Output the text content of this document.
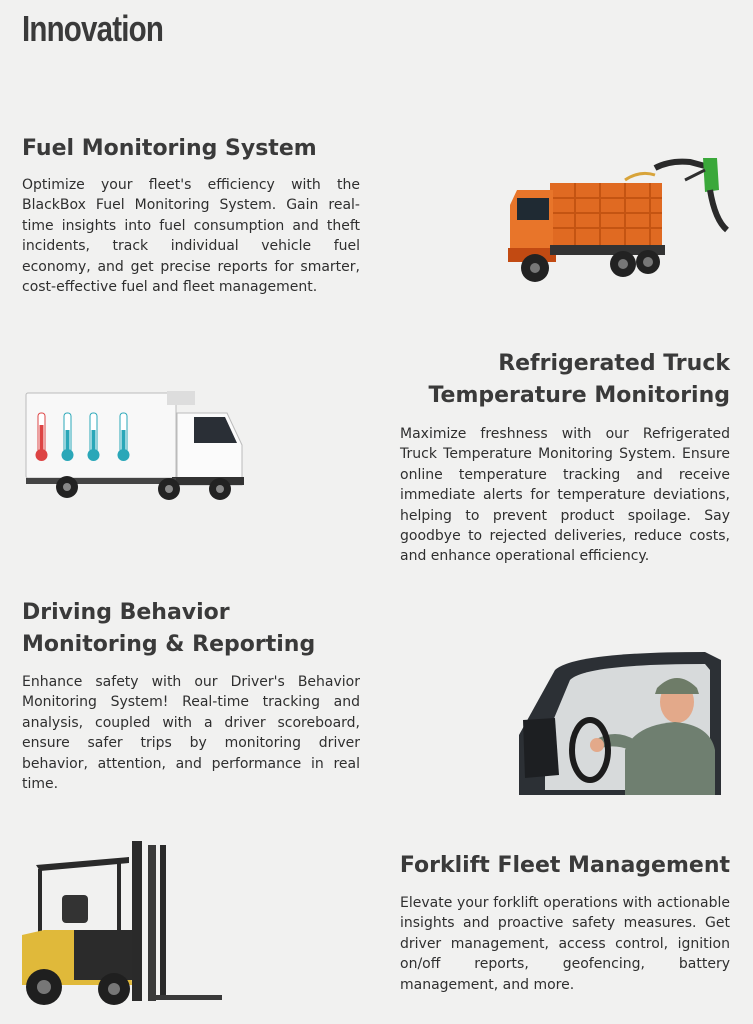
Innovation
Fuel Monitoring System

Optimize your fleet's efficiency with the BlackBox Fuel Monitoring System. Gain real-time insights into fuel consumption and theft incidents, track individual vehicle fuel economy, and get precise reports for smarter, cost-effective fuel and fleet management.

Refrigerated Truck
Temperature Monitoring

Maximize freshness with our Refrigerated Truck Temperature Monitoring System. Ensure online temperature tracking and receive immediate alerts for temperature deviations, helping to prevent product spoilage. Say goodbye to rejected deliveries, reduce costs, and enhance operational efficiency.

Driving Behavior
Monitoring & Reporting

Enhance safety with our Driver's Behavior Monitoring System! Real-time tracking and analysis, coupled with a driver scoreboard, ensure safer trips by monitoring driver behavior, attention, and performance in real time.

Forklift Fleet Management

Elevate your forklift operations with actionable insights and proactive safety measures. Get driver management, access control, ignition on/off reports, geofencing, battery management, and more.
